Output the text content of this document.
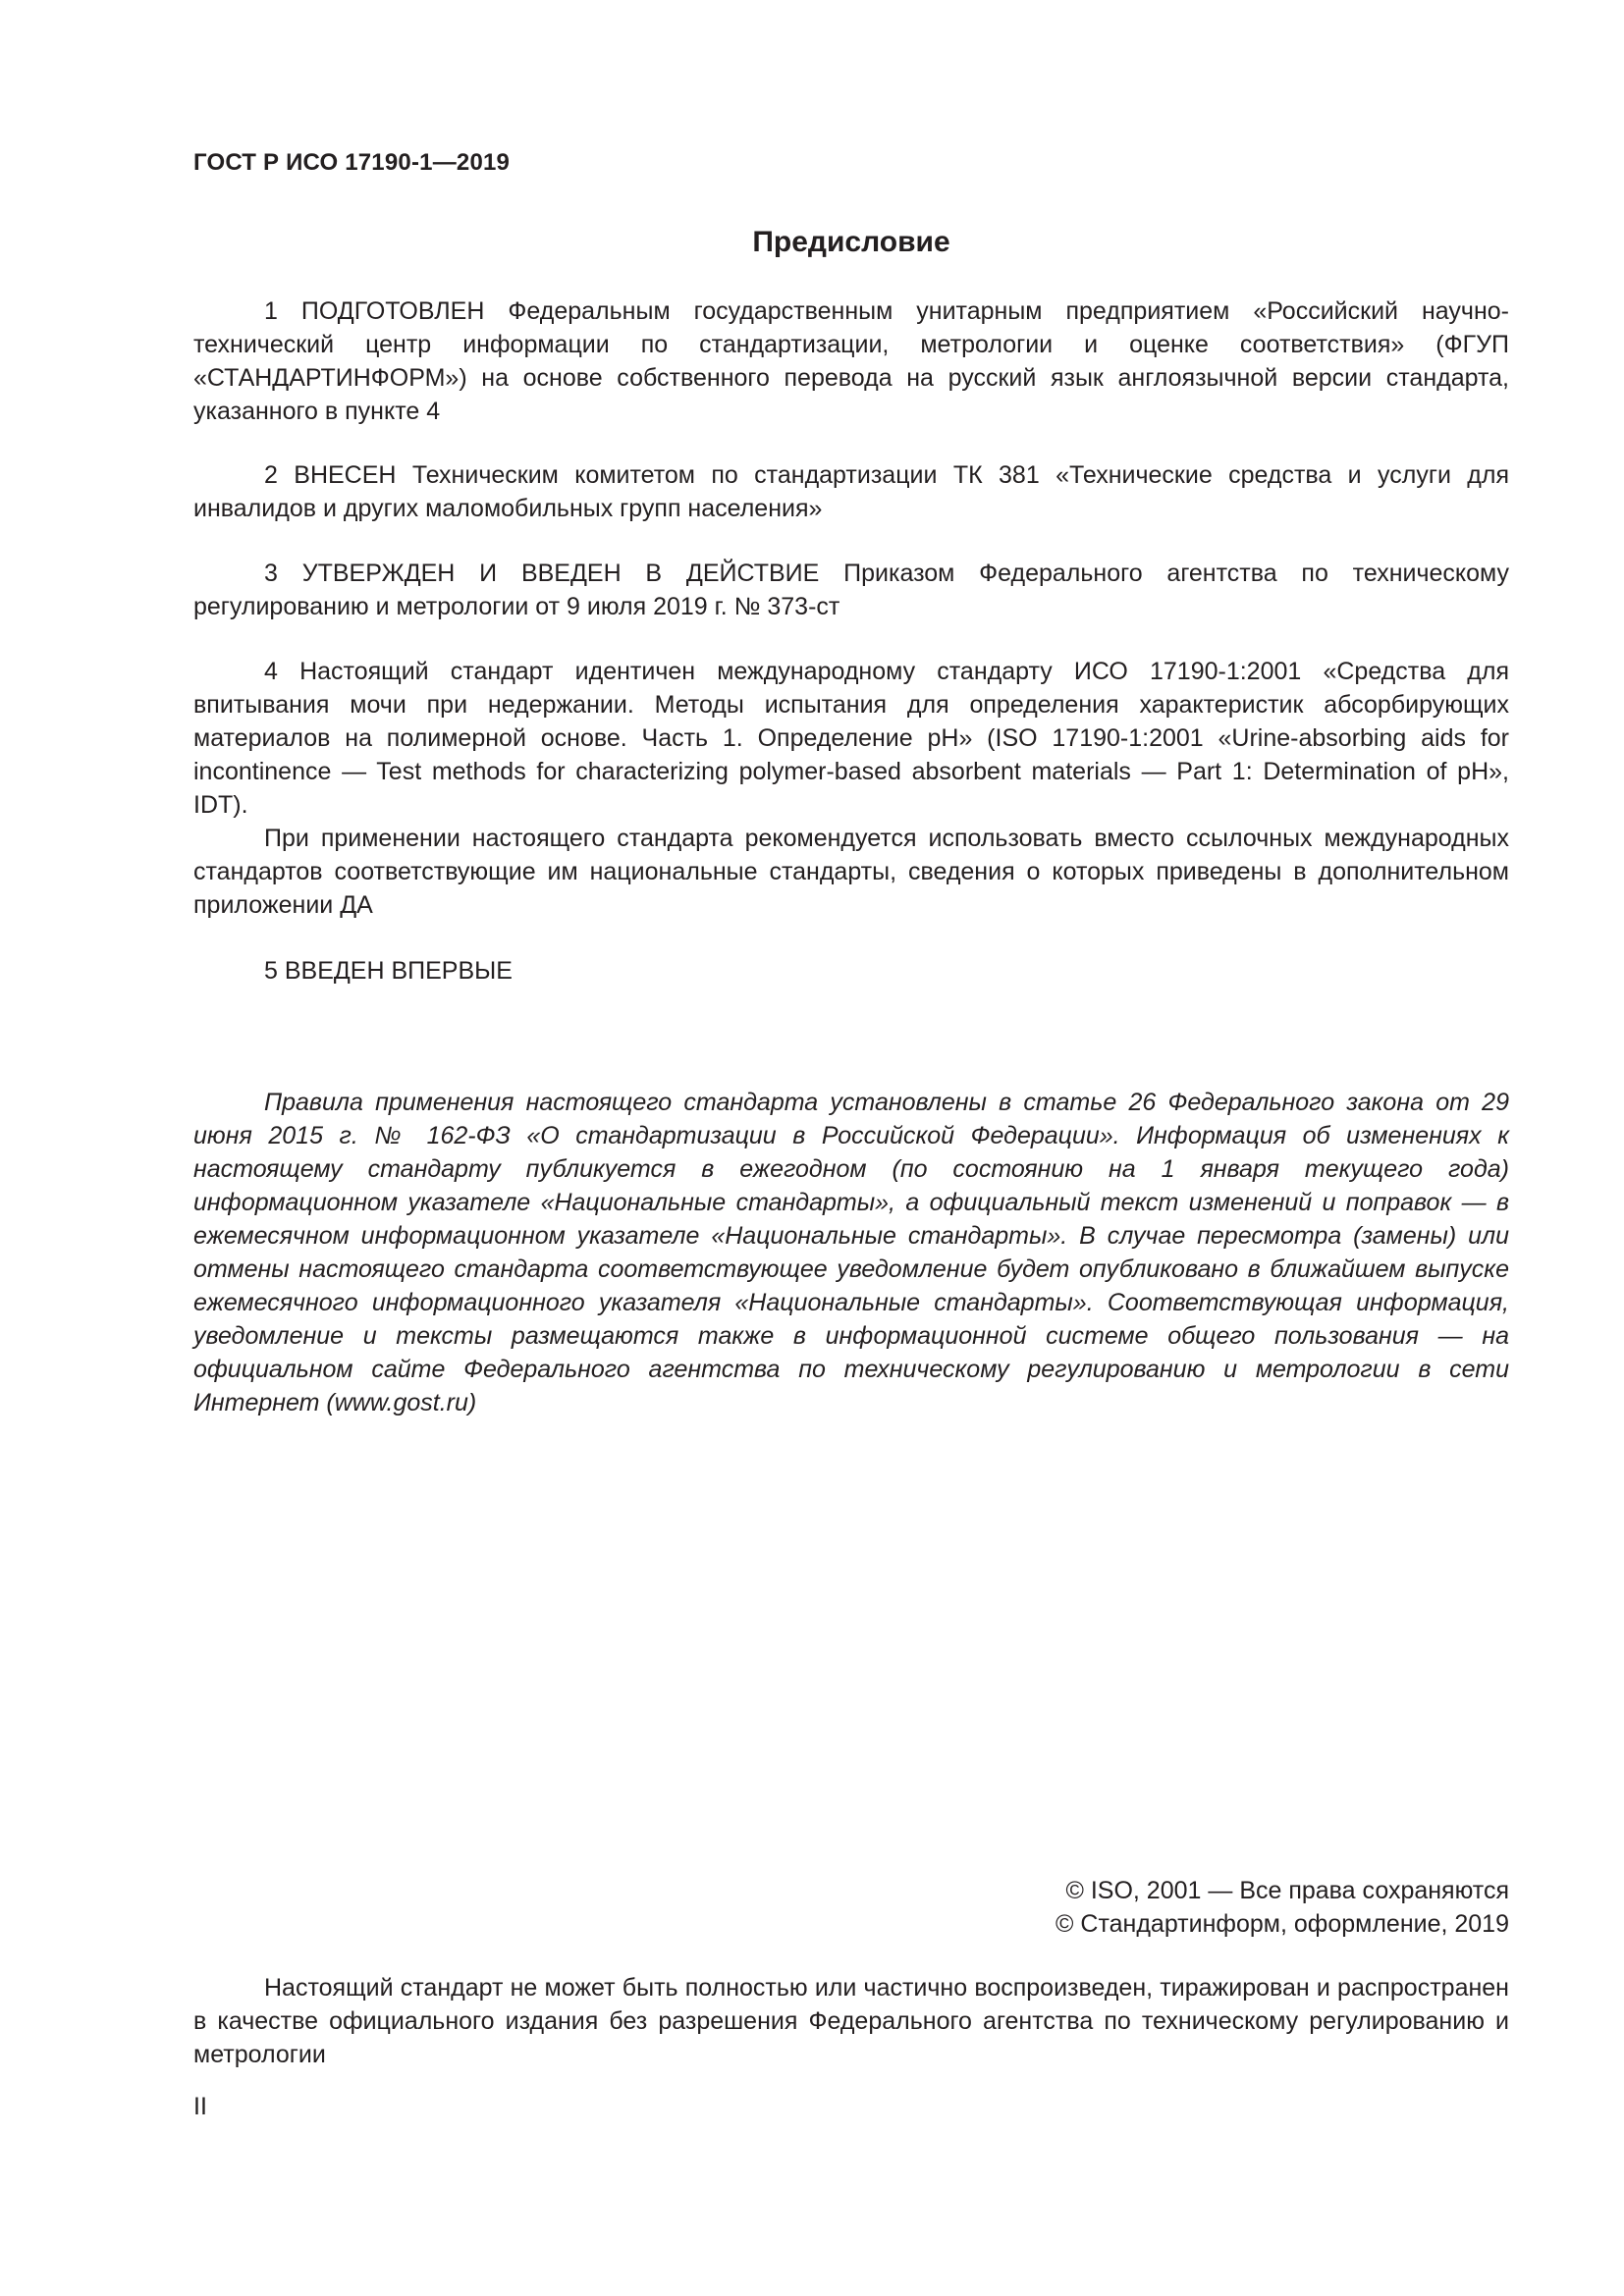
ГОСТ Р ИСО 17190-1—2019
Предисловие

1 ПОДГОТОВЛЕН Федеральным государственным унитарным предприятием «Российский научно-технический центр информации по стандартизации, метрологии и оценке соответствия» (ФГУП «СТАНДАРТИНФОРМ») на основе собственного перевода на русский язык англоязычной версии стандарта, указанного в пункте 4

2 ВНЕСЕН Техническим комитетом по стандартизации ТК 381 «Технические средства и услуги для инвалидов и других маломобильных групп населения»

3 УТВЕРЖДЕН И ВВЕДЕН В ДЕЙСТВИЕ Приказом Федерального агентства по техническому регулированию и метрологии от 9 июля 2019 г. № 373-ст

4 Настоящий стандарт идентичен международному стандарту ИСО 17190-1:2001 «Средства для впитывания мочи при недержании. Методы испытания для определения характеристик абсорбирующих материалов на полимерной основе. Часть 1. Определение рН» (ISO 17190-1:2001 «Urine-absorbing aids for incontinence — Test methods for characterizing polymer-based absorbent materials — Part 1: Determination of pH», IDT).

При применении настоящего стандарта рекомендуется использовать вместо ссылочных международных стандартов соответствующие им национальные стандарты, сведения о которых приведены в дополнительном приложении ДА

5 ВВЕДЕН ВПЕРВЫЕ

Правила применения настоящего стандарта установлены в статье 26 Федерального закона от 29 июня 2015 г. № 162-ФЗ «О стандартизации в Российской Федерации». Информация об изменениях к настоящему стандарту публикуется в ежегодном (по состоянию на 1 января текущего года) информационном указателе «Национальные стандарты», а официальный текст изменений и поправок — в ежемесячном информационном указателе «Национальные стандарты». В случае пересмотра (замены) или отмены настоящего стандарта соответствующее уведомление будет опубликовано в ближайшем выпуске ежемесячного информационного указателя «Национальные стандарты». Соответствующая информация, уведомление и тексты размещаются также в информационной системе общего пользования — на официальном сайте Федерального агентства по техническому регулированию и метрологии в сети Интернет (www.gost.ru)

© ISO, 2001 — Все права сохраняются
© Стандартинформ, оформление, 2019

Настоящий стандарт не может быть полностью или частично воспроизведен, тиражирован и распространен в качестве официального издания без разрешения Федерального агентства по техническому регулированию и метрологии

II
